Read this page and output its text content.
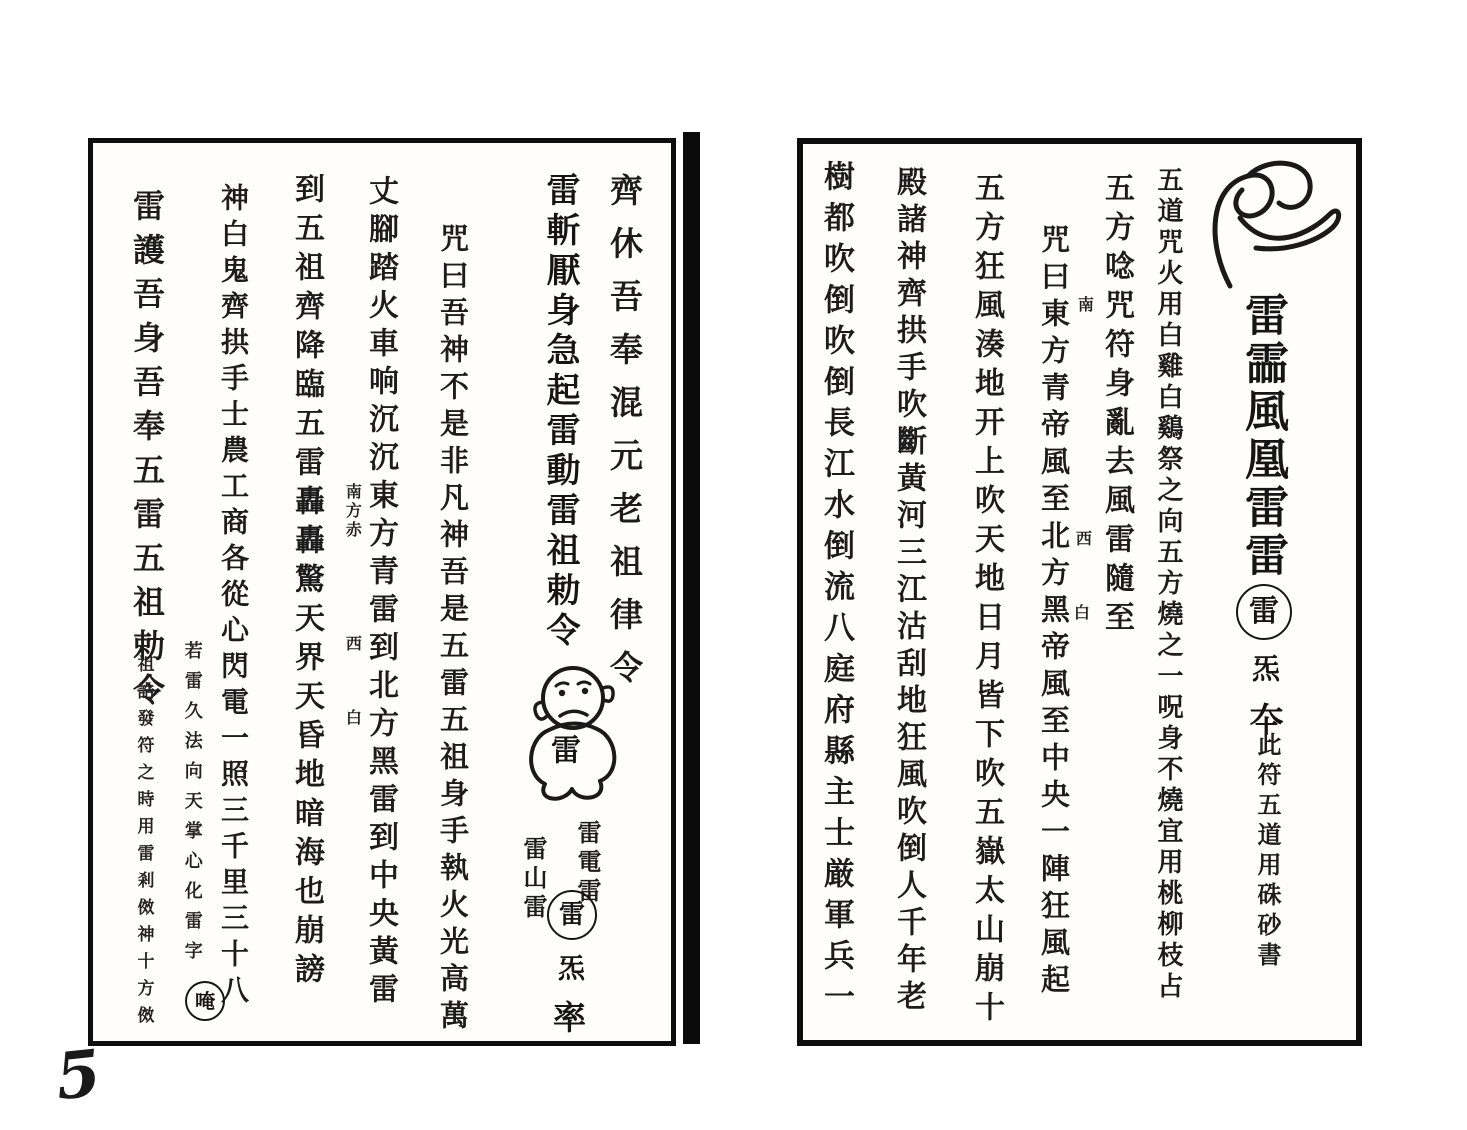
雷霝風凰雷雷
雷
炁
夲
此符五道用硃砂書
五道咒火用白雞白鷄祭之向五方燒之一呪身不燒宜用桃柳枝占
五方唸咒符身亂去風雷隨至
咒曰東方青帝風至北方黑帝風至中央一陣狂風起 南
西
白
五方狂風湊地开上吹天地日月皆下吹五嶽太山崩十
殿諸神齊拱手吹斷黃河三江沽刮地狂風吹倒人千年老
樹都吹倒吹倒長江水倒流八庭府縣主士厳軍兵一
齊休吾奉混元老祖律令
雷斬厭身急起雷動雷祖勅令
雷
雷電雷
雷山雷 雷
炁
率
咒曰吾神不是非凡神吾是五雷五祖身手執火光高萬
丈腳踏火車响沉沉東方青雷到北方黑雷到中央黃雷
南方赤
西
白
到五祖齊降臨五雷轟轟驚天界天昏地暗海也崩謗
神白鬼齊拱手士農工商各從心閃電一照三千里三十八
雷護吾身吾奉五雷五祖勅令
若雷久法向天掌心化雷字
唵
祖誥發符之時用雷剎傚神十方傚
5
